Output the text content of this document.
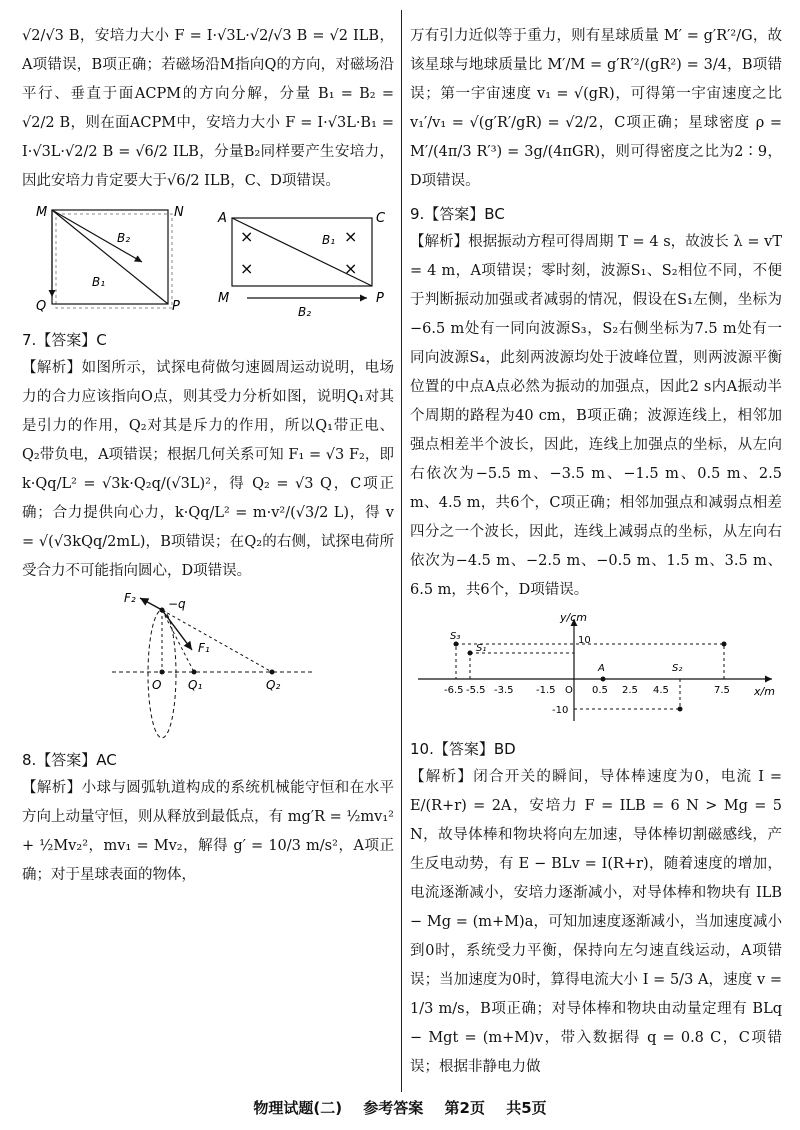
√2/√3 B，安培力大小 F = I·√3L·√2/√3 B = √2 ILB，A项错误，B项正确；若磁场沿M指向Q的方向，对磁场沿平行、垂直于面ACPM的方向分解，分量 B₁ = B₂ = √2/2 B，则在面ACPM中，安培力大小 F = I·√3L·B₁ = I·√3L·√2/2 B = √6/2 ILB，分量B₂同样要产生安培力，因此安培力肯定要大于√6/2 ILB，C、D项错误。

M	N
B₂
B₁
Q	P
×
×
×
×
A	C
B₁
M	P
B₂
7.【答案】C

【解析】如图所示，试探电荷做匀速圆周运动说明，电场力的合力应该指向O点，则其受力分析如图，说明Q₁对其是引力的作用，Q₂对其是斥力的作用，所以Q₁带正电、Q₂带负电，A项错误；根据几何关系可知 F₁ = √3 F₂，即 k·Qq/L² = √3k·Q₂q/(√3L)²，得 Q₂ = √3 Q，C项正确；合力提供向心力，k·Qq/L² = m·v²/(√3/2 L)，得 v = √(√3kQq/2mL)，B项错误；在Q₂的右侧，试探电荷所受合力不可能指向圆心，D项错误。

F₂	−q
F₁
O Q₁	Q₂
8.【答案】AC

【解析】小球与圆弧轨道构成的系统机械能守恒和在水平方向上动量守恒，则从释放到最低点，有 mg′R = ½mv₁² + ½Mv₂²，mv₁ = Mv₂，解得 g′ = 10/3 m/s²，A项正确；对于星球表面的物体，

万有引力近似等于重力，则有星球质量 M′ = g′R′²/G，故该星球与地球质量比 M′/M = g′R′²/(gR²) = 3/4，B项错误；第一宇宙速度 v₁ = √(gR)，可得第一宇宙速度之比 v₁′/v₁ = √(g′R′/gR) = √2/2，C项正确；星球密度 ρ = M′/(4π/3 R′³) = 3g/(4πGR)，则可得密度之比为2∶9，D项错误。

9.【答案】BC

【解析】根据振动方程可得周期 T = 4 s，故波长 λ = vT = 4 m，A项错误；零时刻，波源S₁、S₂相位不同，不便于判断振动加强或者减弱的情况，假设在S₁左侧，坐标为−6.5 m处有一同向波源S₃，S₂右侧坐标为7.5 m处有一同向波源S₄，此刻两波源均处于波峰位置，则两波源平衡位置的中点A点必然为振动的加强点，因此2 s内A振动半个周期的路程为40 cm，B项正确；波源连线上，相邻加强点相差半个波长，因此，连线上加强点的坐标，从左向右依次为−5.5 m、−3.5 m、−1.5 m、0.5 m、2.5 m、4.5 m，共6个，C项正确；相邻加强点和减弱点相差四分之一个波长，因此，连线上减弱点的坐标，从左向右依次为−4.5 m、−2.5 m、−0.5 m、1.5 m、3.5 m、6.5 m，共6个，D项错误。

y/cm
x/m
10
-10
-6.5 -5.5 -3.5 -1.5 O 0.5 2.5 4.5	7.5
S₃
S₁
A	S₂
10.【答案】BD

【解析】闭合开关的瞬间，导体棒速度为0，电流 I = E/(R+r) = 2A，安培力 F = ILB = 6 N > Mg = 5 N，故导体棒和物块将向左加速，导体棒切割磁感线，产生反电动势，有 E − BLv = I(R+r)，随着速度的增加，电流逐渐减小，安培力逐渐减小，对导体棒和物块有 ILB − Mg = (m+M)a，可知加速度逐渐减小，当加速度减小到0时，系统受力平衡，保持向左匀速直线运动，A项错误；当加速度为0时，算得电流大小 I = 5/3 A，速度 v = 1/3 m/s，B项正确；对导体棒和物块由动量定理有 BLq − Mgt = (m+M)v，带入数据得 q = 0.8 C，C项错误；根据非静电力做

物理试题(二) 参考答案 第2页 共5页
